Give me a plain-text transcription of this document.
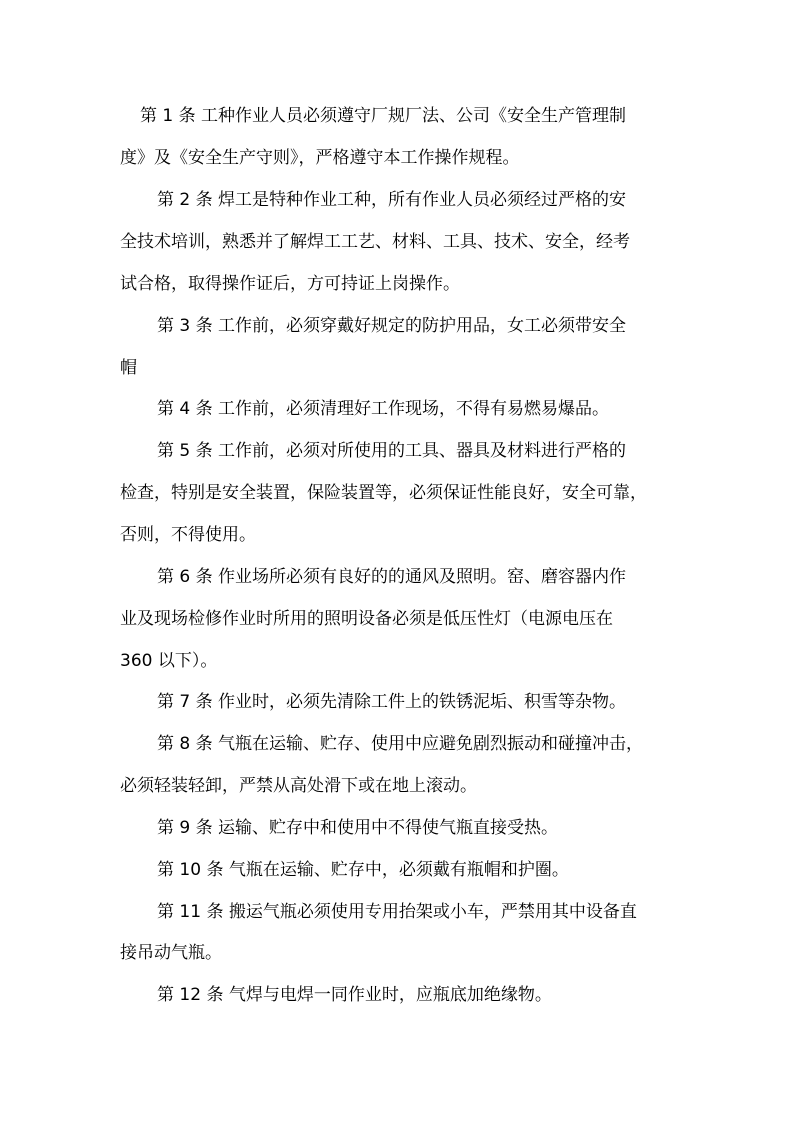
第 1 条 工种作业人员必须遵守厂规厂法、公司《安全生产管理制
度》及《安全生产守则》，严格遵守本工作操作规程。
第 2 条 焊工是特种作业工种，所有作业人员必须经过严格的安
全技术培训，熟悉并了解焊工工艺、材料、工具、技术、安全，经考
试合格，取得操作证后，方可持证上岗操作。
第 3 条 工作前，必须穿戴好规定的防护用品，女工必须带安全
帽
第 4 条 工作前，必须清理好工作现场，不得有易燃易爆品。
第 5 条 工作前，必须对所使用的工具、器具及材料进行严格的
检查，特别是安全装置，保险装置等，必须保证性能良好，安全可靠，
否则，不得使用。
第 6 条 作业场所必须有良好的的通风及照明。窑、磨容器内作
业及现场检修作业时所用的照明设备必须是低压性灯（电源电压在
360 以下）。
第 7 条 作业时，必须先清除工件上的铁锈泥垢、积雪等杂物。
第 8 条 气瓶在运输、贮存、使用中应避免剧烈振动和碰撞冲击，
必须轻装轻卸，严禁从高处滑下或在地上滚动。
第 9 条 运输、贮存中和使用中不得使气瓶直接受热。
第 10 条 气瓶在运输、贮存中，必须戴有瓶帽和护圈。
第 11 条 搬运气瓶必须使用专用抬架或小车，严禁用其中设备直
接吊动气瓶。
第 12 条 气焊与电焊一同作业时，应瓶底加绝缘物。
